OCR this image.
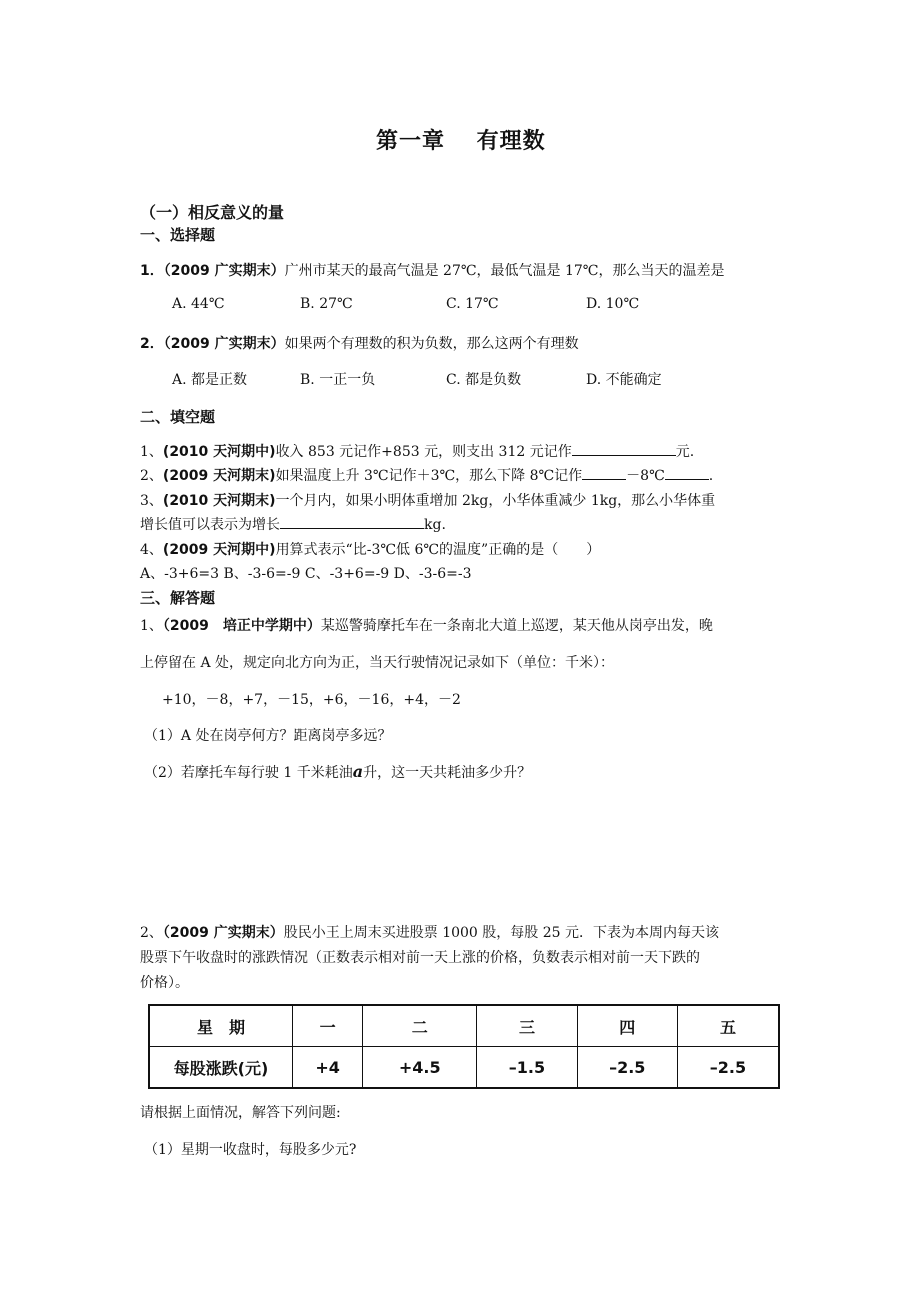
第一章　 有理数
（一）相反意义的量
一、选择题
1．（2009 广实期末）广州市某天的最高气温是 27℃，最低气温是 17℃，那么当天的温差是
A. 44℃	B. 27℃	C. 17℃	D. 10℃
2．（2009 广实期末）如果两个有理数的积为负数，那么这两个有理数
A. 都是正数	B. 一正一负	C. 都是负数	D. 不能确定
二、填空题
1、(2010 天河期中)收入 853 元记作+853 元，则支出 312 元记作	元.
2、(2009 天河期末)如果温度上升 3℃记作＋3℃，那么下降 8℃记作	－8℃	.
3、(2010 天河期末)一个月内，如果小明体重增加 2kg，小华体重减少 1kg，那么小华体重
增长值可以表示为增长	kg.
4、(2009 天河期中)用算式表示“比-3℃低 6℃的温度”正确的是（　　）
A、-3+6=3 B、-3-6=-9 C、-3+6=-9 D、-3-6=-3
三、解答题
1、（2009　培正中学期中）某巡警骑摩托车在一条南北大道上巡逻，某天他从岗亭出发，晚
上停留在 A 处，规定向北方向为正，当天行驶情况记录如下（单位：千米）：
+10，－8，+7，－15，+6，－16，+4，－2
（1）A 处在岗亭何方？距离岗亭多远？
（2）若摩托车每行驶 1 千米耗油a升，这一天共耗油多少升？
2、（2009 广实期末）股民小王上周末买进股票 1000 股，每股 25 元．下表为本周内每天该
股票下午收盘时的涨跌情况（正数表示相对前一天上涨的价格，负数表示相对前一天下跌的
价格）。
星　期	一	二	三	四	五
每股涨跌(元)	+4	+4.5	–1.5	–2.5	–2.5
请根据上面情况，解答下列问题:
（1）星期一收盘时，每股多少元?
